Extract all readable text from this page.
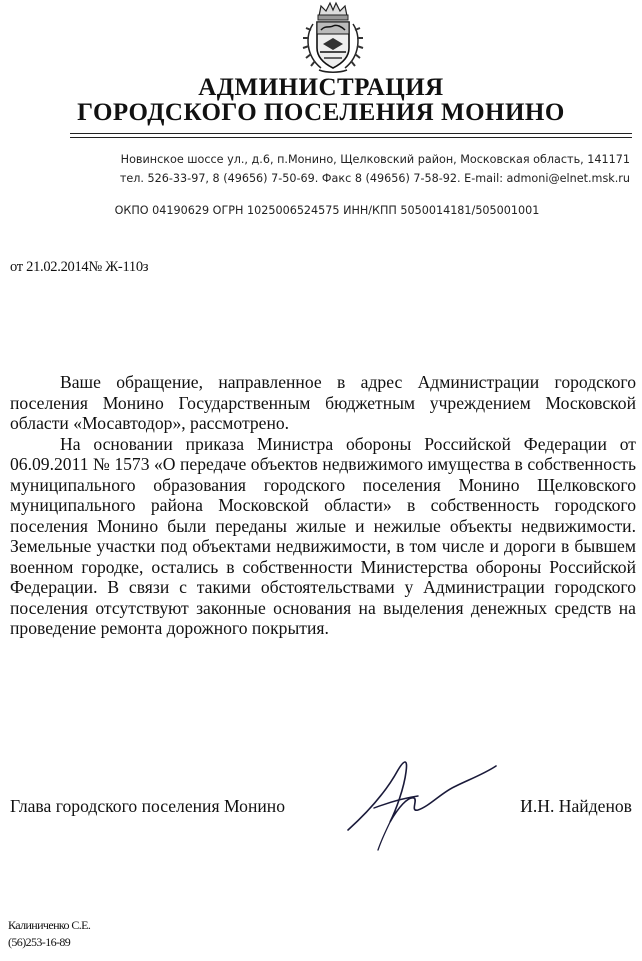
АДМИНИСТРАЦИЯ
ГОРОДСКОГО ПОСЕЛЕНИЯ МОНИНО
Новинское шоссе ул., д.6, п.Монино, Щелковский район, Московская область, 141171
тел. 526-33-97, 8 (49656) 7-50-69. Факс 8 (49656) 7-58-92. E-mail: admoni@elnet.msk.ru
ОКПО 04190629 ОГРН 1025006524575 ИНН/КПП 5050014181/505001001
от 21.02.2014№ Ж-110з

Ваше обращение, направленное в адрес Администрации городского поселения Монино Государственным бюджетным учреждением Московской области «Мосавтодор», рассмотрено.

На основании приказа Министра обороны Российской Федерации от 06.09.2011 № 1573 «О передаче объектов недвижимого имущества в собственность муниципального образования городского поселения Монино Щелковского муниципального района Московской области» в собственность городского поселения Монино были переданы жилые и нежилые объекты недвижимости. Земельные участки под объектами недвижимости, в том числе и дороги в бывшем военном городке, остались в собственности Министерства обороны Российской Федерации. В связи с такими обстоятельствами у Администрации городского поселения отсутствуют законные основания на выделения денежных средств на проведение ремонта дорожного покрытия.

Глава городского поселения Монино	И.Н. Найденов
Калиниченко С.Е.
(56)253-16-89
